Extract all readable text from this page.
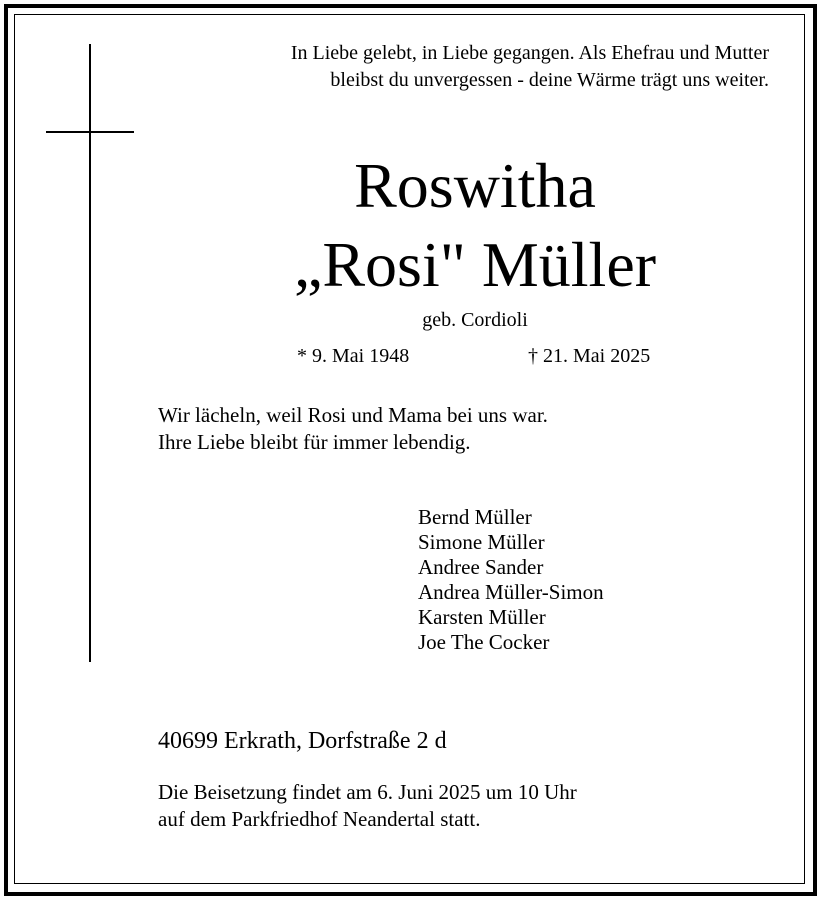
In Liebe gelebt, in Liebe gegangen. Als Ehefrau und Mutter
bleibst du unvergessen - deine Wärme trägt uns weiter.
Roswitha
„Rosi" Müller
geb. Cordioli
* 9. Mai 1948	† 21. Mai 2025
Wir lächeln, weil Rosi und Mama bei uns war.
Ihre Liebe bleibt für immer lebendig.
Bernd Müller
Simone Müller
Andree Sander
Andrea Müller-Simon
Karsten Müller
Joe The Cocker
40699 Erkrath, Dorfstraße 2 d
Die Beisetzung findet am 6. Juni 2025 um 10 Uhr
auf dem Parkfriedhof Neandertal statt.
